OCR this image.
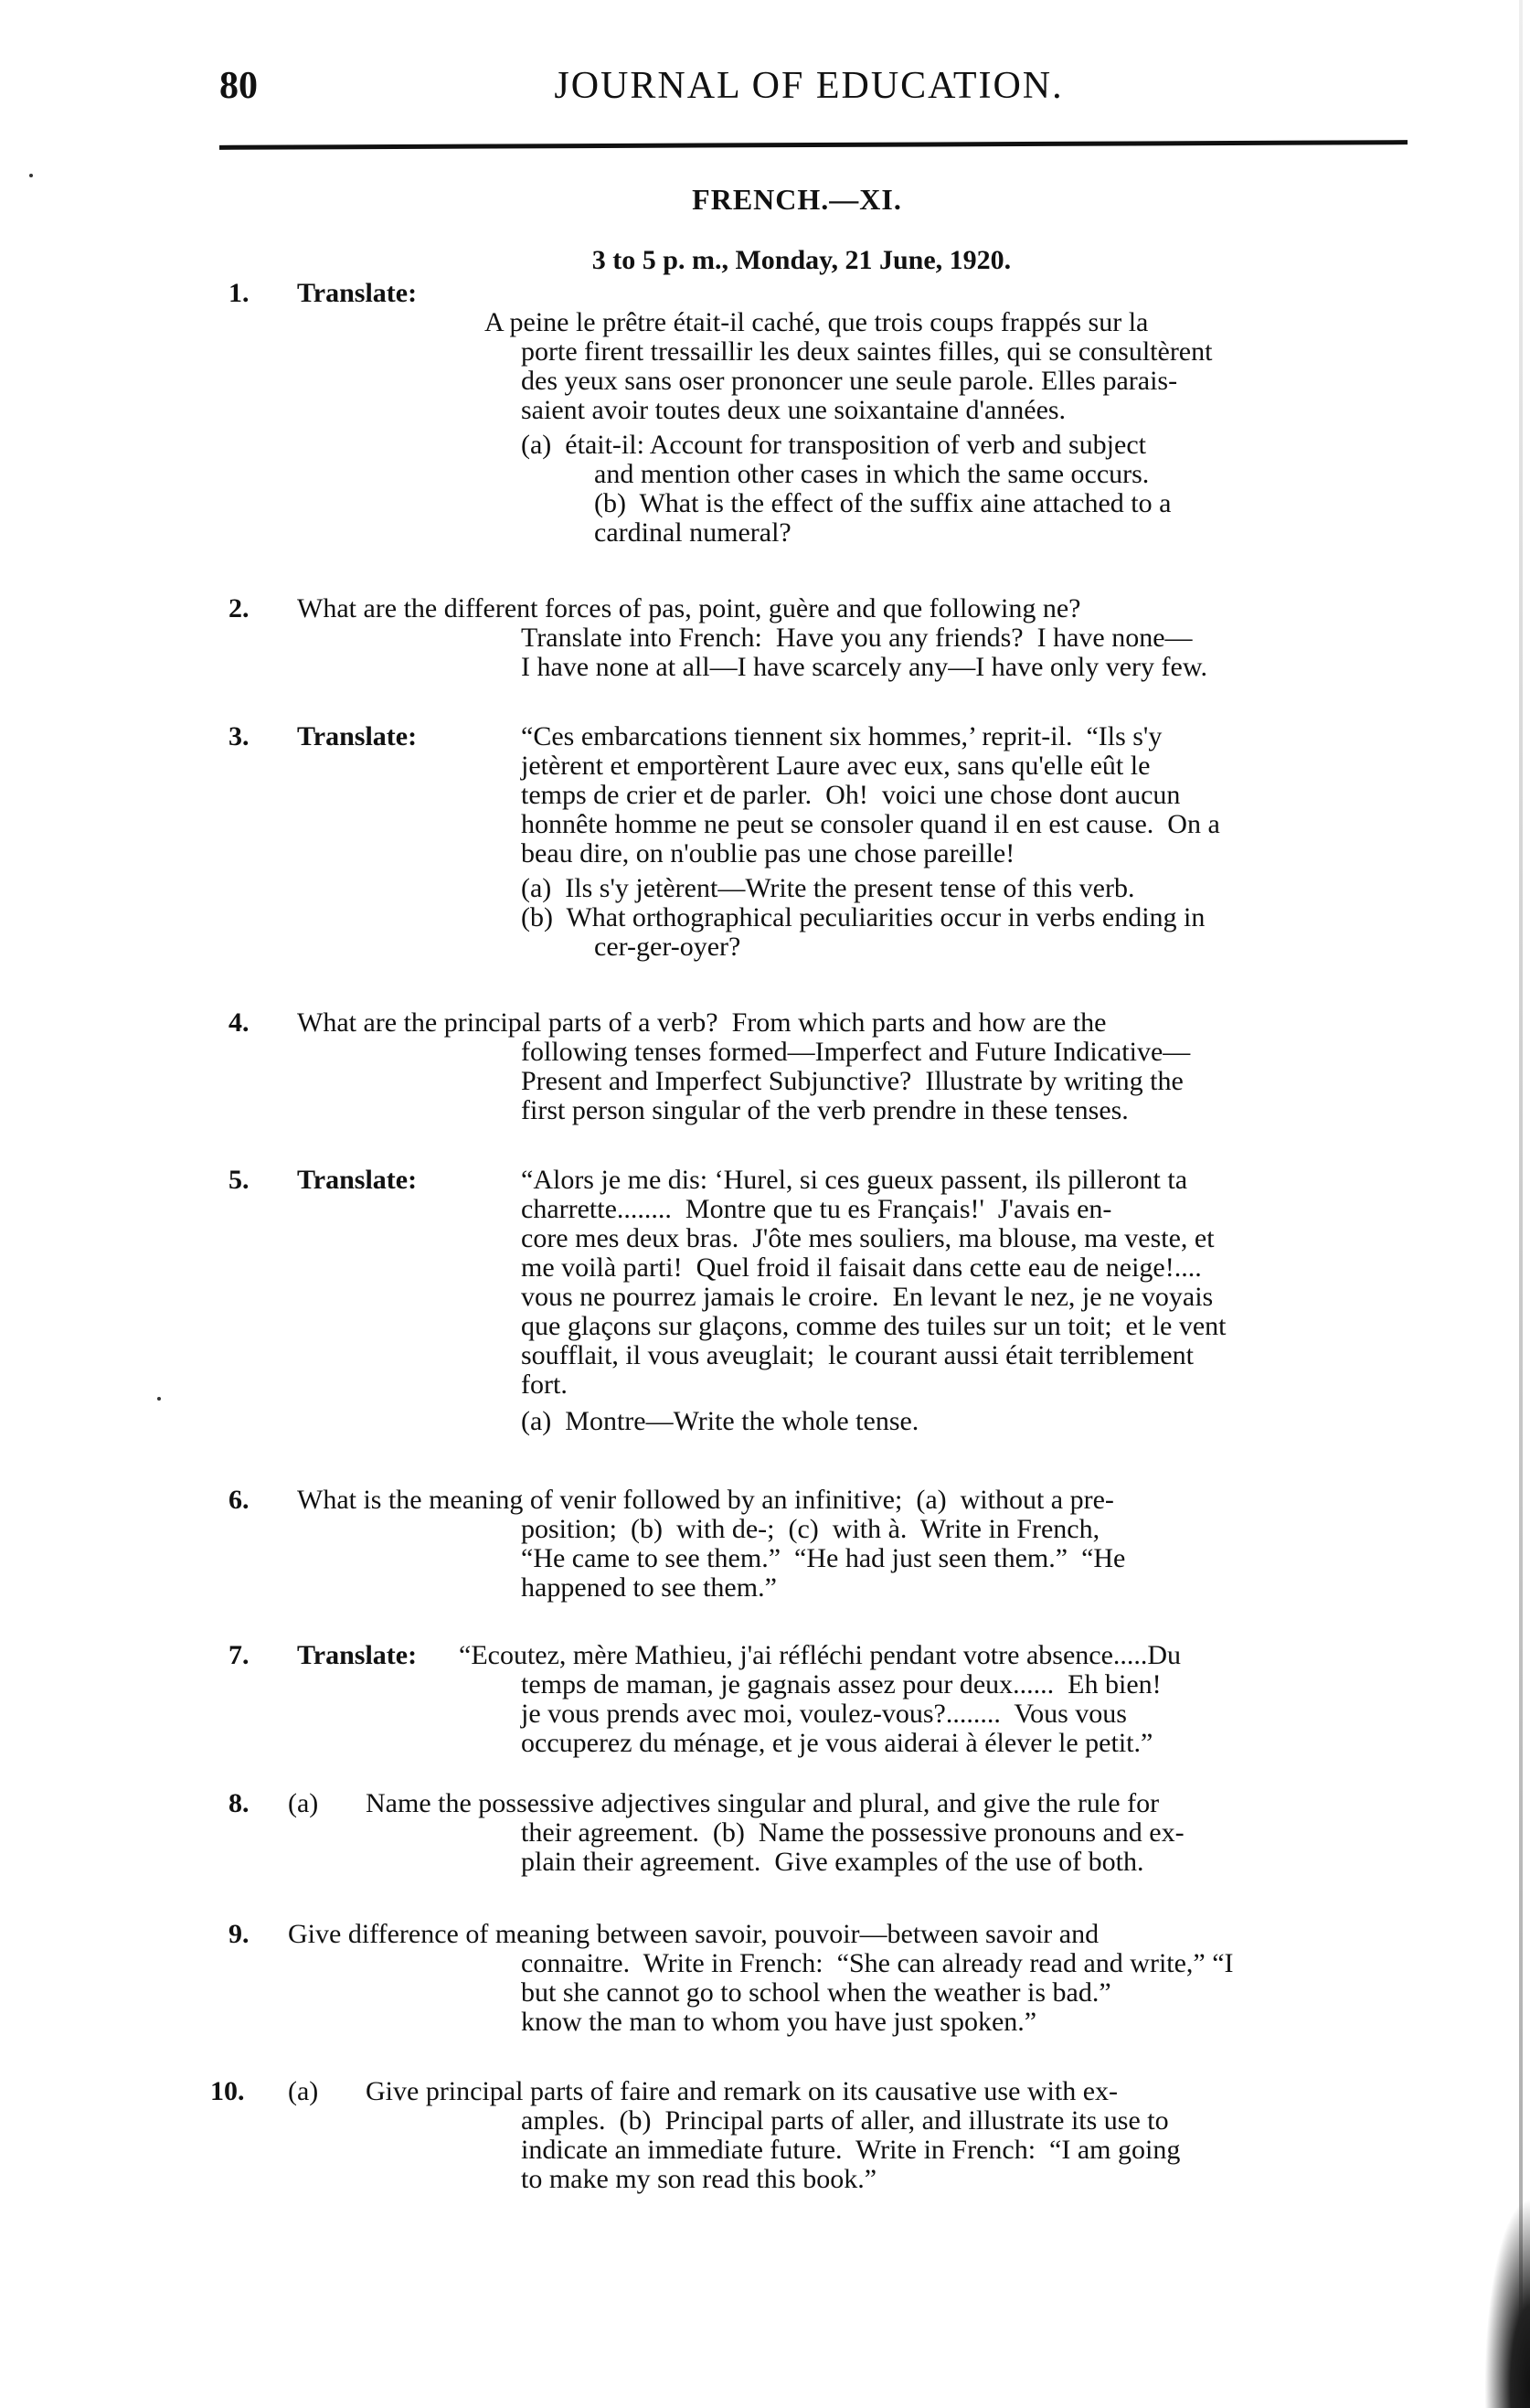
80	JOURNAL OF EDUCATION.
FRENCH.—XI.
3 to 5 p. m., Monday, 21 June, 1920.
1.	Translate:
A peine le prêtre était-il caché, que trois coups frappés sur la
porte firent tressaillir les deux saintes filles, qui se consultèrent
des yeux sans oser prononcer une seule parole. Elles parais-
saient avoir toutes deux une soixantaine d'années.
(a)  était-il: Account for transposition of verb and subject
and mention other cases in which the same occurs.
(b)  What is the effect of the suffix aine attached to a
cardinal numeral?
2.	What are the different forces of pas, point, guère and que following ne?
Translate into French:  Have you any friends?  I have none—
I have none at all—I have scarcely any—I have only very few.
3.	Translate:	“Ces embarcations tiennent six hommes,’ reprit-il.  “Ils s'y
jetèrent et emportèrent Laure avec eux, sans qu'elle eût le
temps de crier et de parler.  Oh!  voici une chose dont aucun
honnête homme ne peut se consoler quand il en est cause.  On a
beau dire, on n'oublie pas une chose pareille!
(a)  Ils s'y jetèrent—Write the present tense of this verb.
(b)  What orthographical peculiarities occur in verbs ending in
cer-ger-oyer?
4.	What are the principal parts of a verb?  From which parts and how are the
following tenses formed—Imperfect and Future Indicative—
Present and Imperfect Subjunctive?  Illustrate by writing the
first person singular of the verb prendre in these tenses.
5.	Translate:	“Alors je me dis: ‘Hurel, si ces gueux passent, ils pilleront ta
charrette........  Montre que tu es Français!'  J'avais en-
core mes deux bras.  J'ôte mes souliers, ma blouse, ma veste, et
me voilà parti!  Quel froid il faisait dans cette eau de neige!....
vous ne pourrez jamais le croire.  En levant le nez, je ne voyais
que glaçons sur glaçons, comme des tuiles sur un toit;  et le vent
soufflait, il vous aveuglait;  le courant aussi était terriblement
fort.
(a)  Montre—Write the whole tense.
6.	What is the meaning of venir followed by an infinitive;  (a)  without a pre-
position;  (b)  with de-;  (c)  with à.  Write in French,
“He came to see them.”  “He had just seen them.”  “He
happened to see them.”
7.	Translate:	“Ecoutez, mère Mathieu, j'ai réfléchi pendant votre absence.....Du
temps de maman, je gagnais assez pour deux......  Eh bien!
je vous prends avec moi, voulez-vous?........  Vous vous
occuperez du ménage, et je vous aiderai à élever le petit.”
8. (a)	Name the possessive adjectives singular and plural, and give the rule for
their agreement.  (b)  Name the possessive pronouns and ex-
plain their agreement.  Give examples of the use of both.
9.	Give difference of meaning between savoir, pouvoir—between savoir and
connaitre.  Write in French:  “She can already read and write,” “I
but she cannot go to school when the weather is bad.”
know the man to whom you have just spoken.”
10. (a)	Give principal parts of faire and remark on its causative use with ex-
amples.  (b)  Principal parts of aller, and illustrate its use to
indicate an immediate future.  Write in French:  “I am going
to make my son read this book.”
